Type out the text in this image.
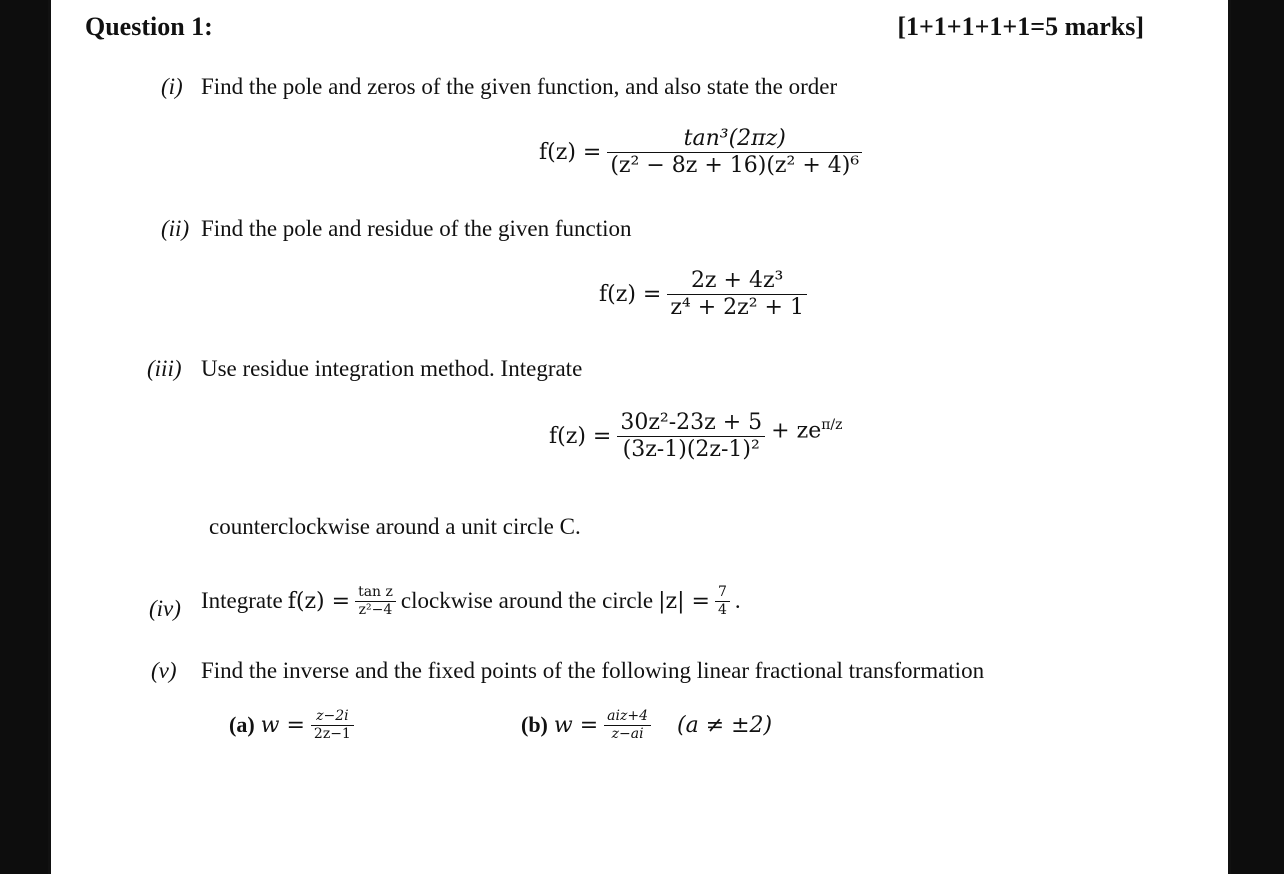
Question 1:	[1+1+1+1+1=5 marks]
(i) Find the pole and zeros of the given function, and also state the order
$f(z) = \frac{\text{tan³(2πz)}}{\text{(z² − 8z + 16)(z² + 4)⁶}}$
(ii) Find the pole and residue of the given function
$f(z) = \frac{\text{2z + 4z³}}{\text{z⁴ + 2z² + 1}}$
(iii) Use residue integration method. Integrate
$f(z) = \frac{\text{30z²-23z + 5}}{\text{(3z-1)(2z-1)²}} + ze^{\pi/z}$
counterclockwise around a unit circle C.
(iv) Integrate $f(z) = \frac{\text{tan z}}{\text{z²−4}}$ clockwise around the circle $|z| = \frac{7}{4}$ .
(v) Find the inverse and the fixed points of the following linear fractional transformation
(a) $w = \frac{z-2i}{2z-1}$	(b) $w = \frac{\text{aiz+4}}{z-ai} (a \ne \pm 2)$
